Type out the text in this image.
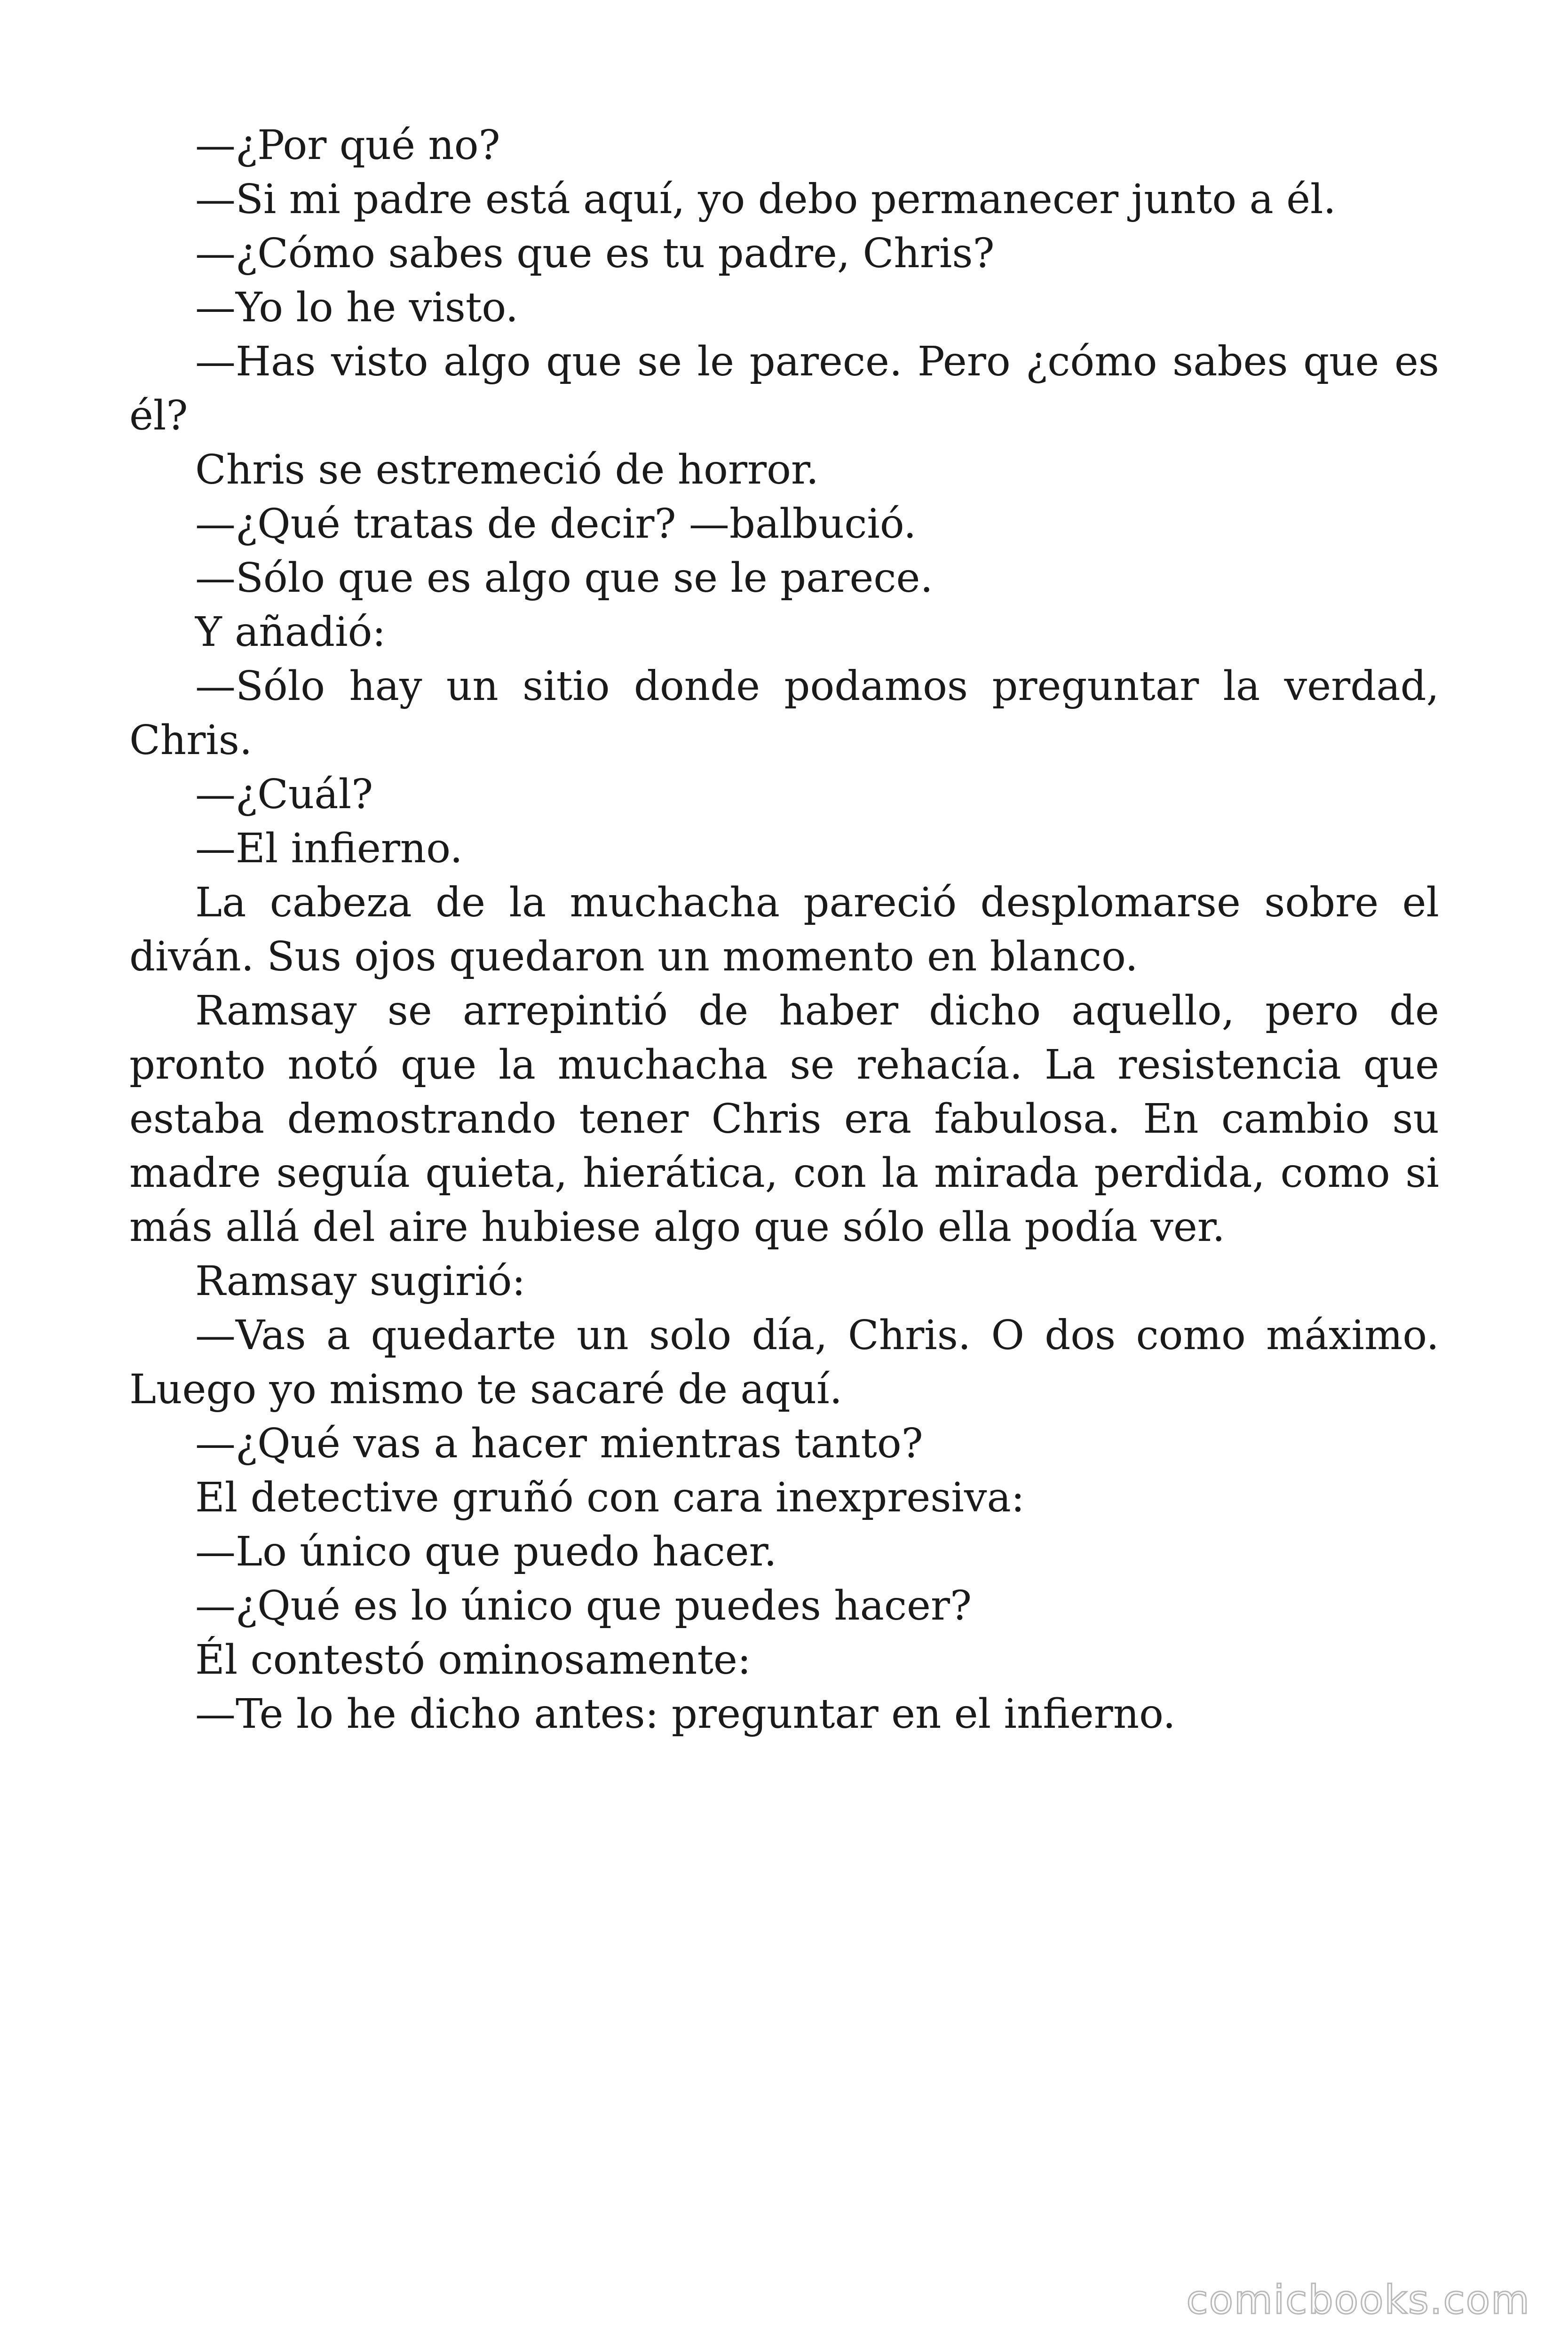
—¿Por qué no?

—Si mi padre está aquí, yo debo permanecer junto a él.

—¿Cómo sabes que es tu padre, Chris?

—Yo lo he visto.

—Has visto algo que se le parece. Pero ¿cómo sabes que es él?

Chris se estremeció de horror.

—¿Qué tratas de decir? —balbució.

—Sólo que es algo que se le parece.

Y añadió:

—Sólo hay un sitio donde podamos preguntar la verdad, Chris.

—¿Cuál?

—El infierno.

La cabeza de la muchacha pareció desplomarse sobre el diván. Sus ojos quedaron un momento en blanco.

Ramsay se arrepintió de haber dicho aquello, pero de pronto notó que la muchacha se rehacía. La resistencia que estaba demostrando tener Chris era fabulosa. En cambio su madre seguía quieta, hierática, con la mirada perdida, como si más allá del aire hubiese algo que sólo ella podía ver.

Ramsay sugirió:

—Vas a quedarte un solo día, Chris. O dos como máximo. Luego yo mismo te sacaré de aquí.

—¿Qué vas a hacer mientras tanto?

El detective gruñó con cara inexpresiva:

—Lo único que puedo hacer.

—¿Qué es lo único que puedes hacer?

Él contestó ominosamente:

—Te lo he dicho antes: preguntar en el infierno.

comicbooks.com
